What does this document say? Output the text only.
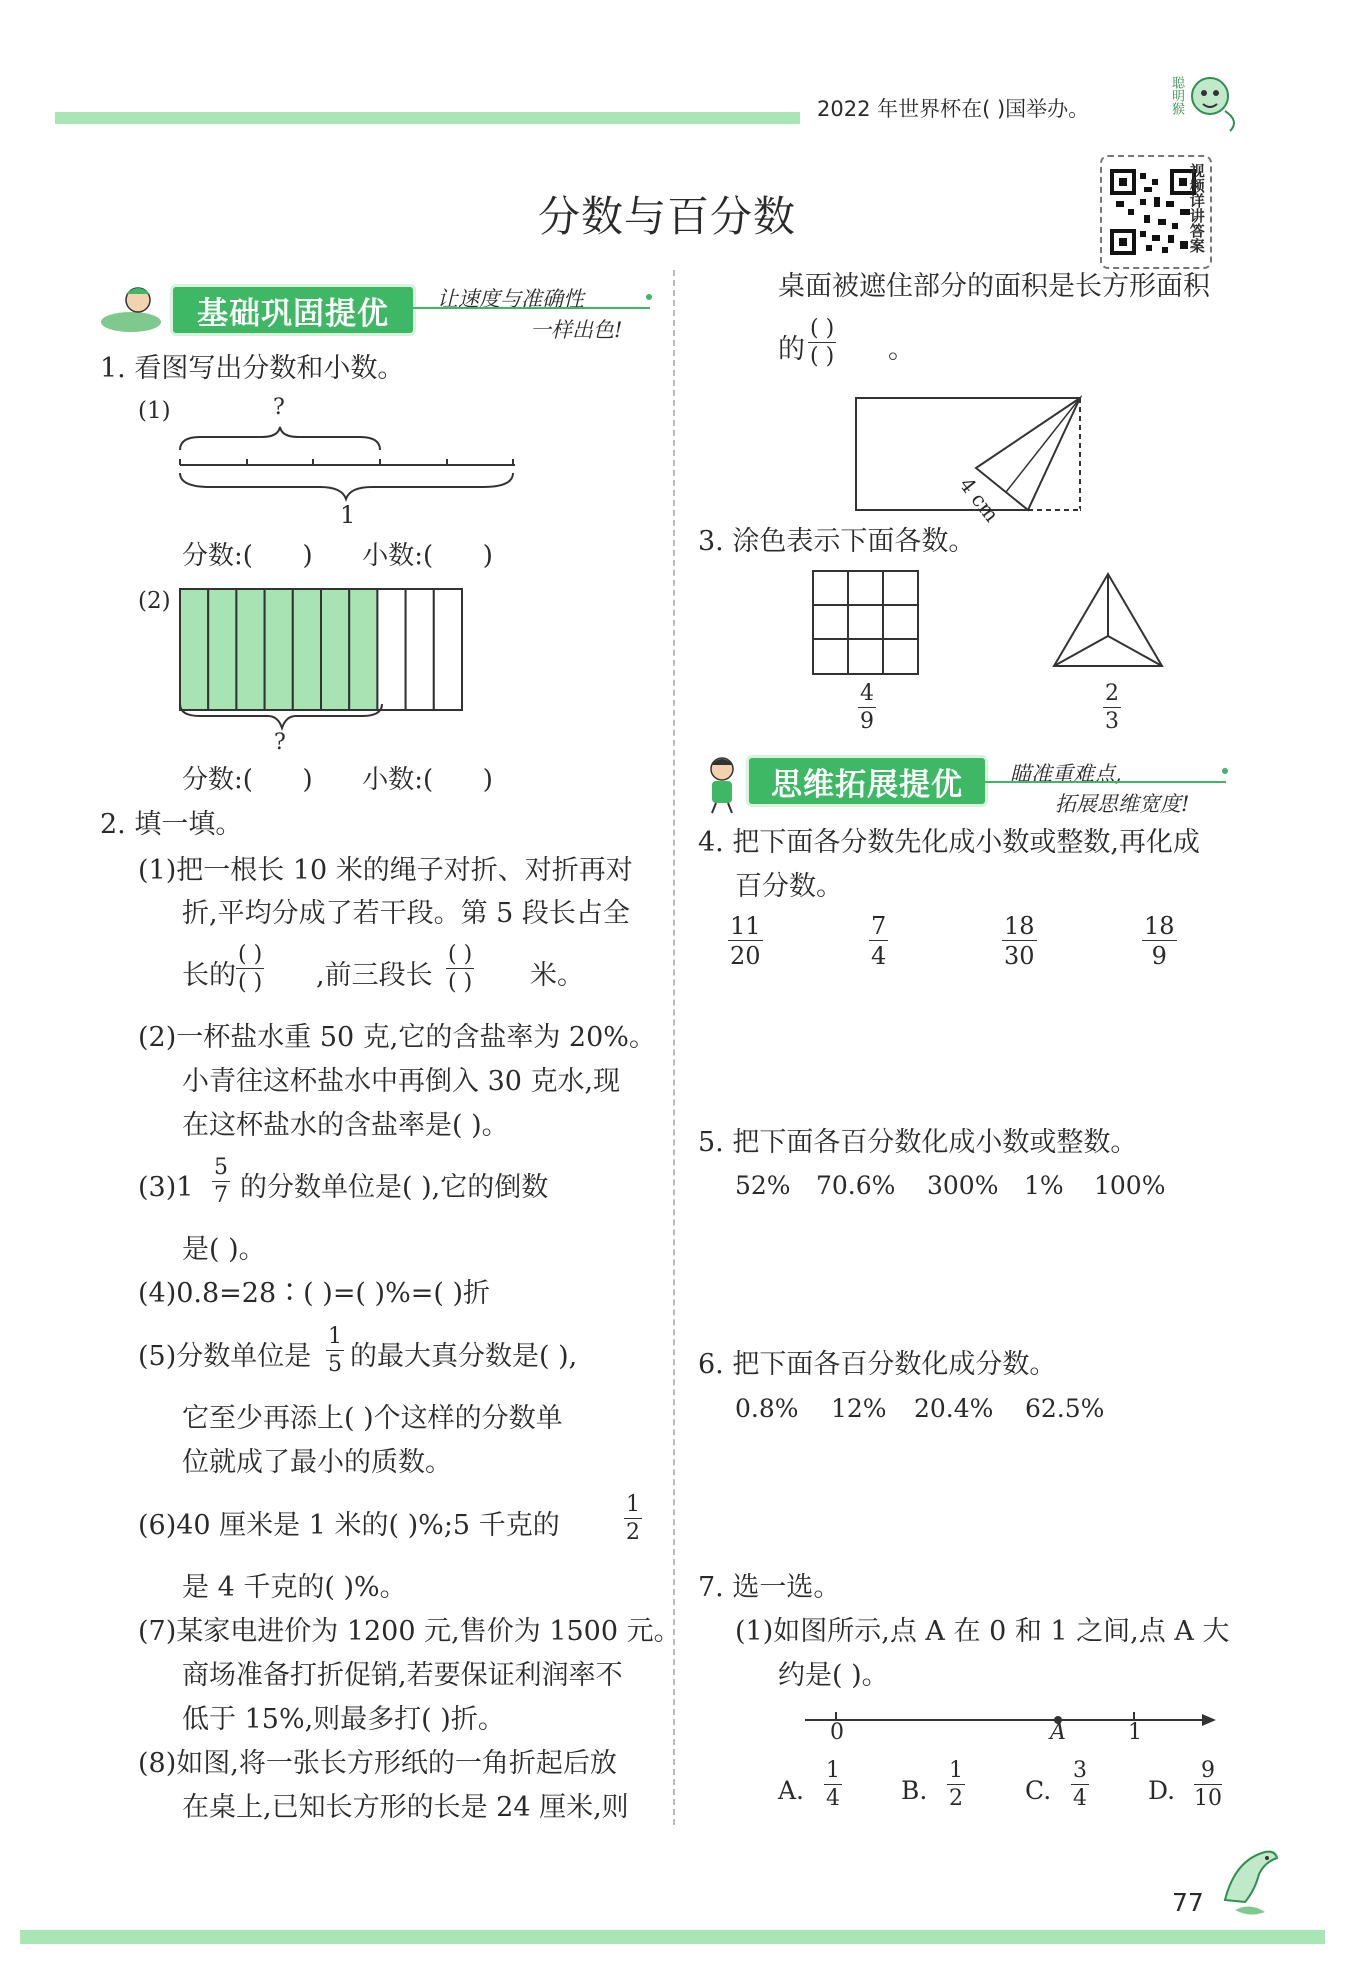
2022 年世界杯在( )国举办。	聪明猴
视频详讲答案
分数与百分数
基础巩固提优	让速度与准确性
一样出色!
1. 看图写出分数和小数。
(1)	?
1
分数:(      )      小数:(      )
(2)
?
分数:(      )      小数:(      )
2. 填一填。
(1)把一根长 10 米的绳子对折、对折再对
折,平均分成了若干段。第 5 段长占全
长的
( )
( ) ,前三段长
( )
( ) 米。
(2)一杯盐水重 50 克,它的含盐率为 20%。
小青往这杯盐水中再倒入 30 克水,现
在这杯盐水的含盐率是( )。
(3)1
5
7 的分数单位是( ),它的倒数
是( )。
(4)0.8=28∶( )=( )%=( )折
(5)分数单位是
1
5 的最大真分数是( ),
它至少再添上( )个这样的分数单
位就成了最小的质数。
(6)40 厘米是 1 米的( )%;5 千克的
1
2
是 4 千克的( )%。
(7)某家电进价为 1200 元,售价为 1500 元。
商场准备打折促销,若要保证利润率不
低于 15%,则最多打( )折。
(8)如图,将一张长方形纸的一角折起后放
在桌上,已知长方形的长是 24 厘米,则
桌面被遮住部分的面积是长方形面积
的
( )
( ) 。
4 cm
3. 涂色表示下面各数。
4
9
2
3
思维拓展提优	瞄准重难点,
拓展思维宽度!
4. 把下面各分数先化成小数或整数,再化成
百分数。
11
20
7
4
18
30
18
9
5. 把下面各百分数化成小数或整数。
52% 70.6% 300% 1% 100%
6. 把下面各百分数化成分数。
0.8% 12% 20.4% 62.5%
7. 选一选。
(1)如图所示,点 A 在 0 和 1 之间,点 A 大
约是( )。
0	A	1
A.
1
4 B.
1
2 C.
3
4 D.
9
10
77
